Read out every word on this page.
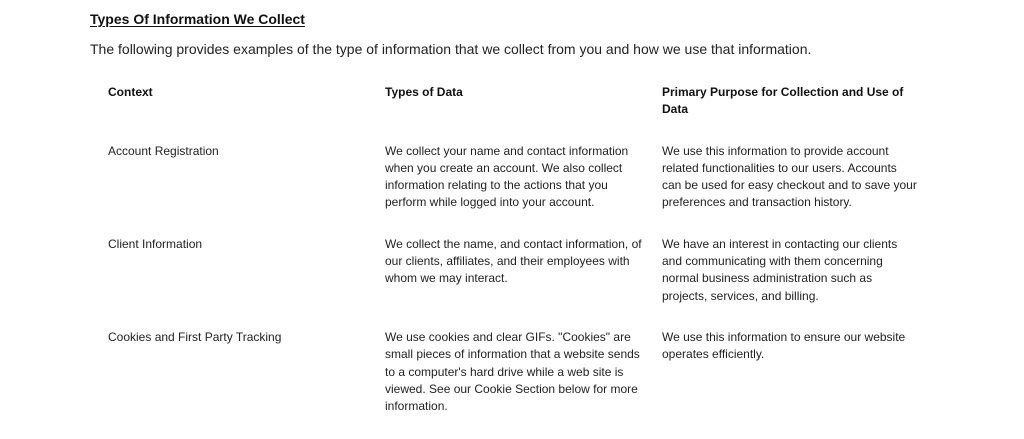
Types Of Information We Collect

The following provides examples of the type of information that we collect from you and how we use that information.

Context	Types of Data	Primary Purpose for Collection and Use of Data

Account Registration	We collect your name and contact information when you create an account. We also collect information relating to the actions that you perform while logged into your account.	We use this information to provide account related functionalities to our users. Accounts can be used for easy checkout and to save your preferences and transaction history.

Client Information	We collect the name, and contact information, of our clients, affiliates, and their employees with whom we may interact.	We have an interest in contacting our clients and communicating with them concerning normal business administration such as projects, services, and billing.

Cookies and First Party Tracking	We use cookies and clear GIFs. "Cookies" are small pieces of information that a website sends to a computer's hard drive while a web site is viewed. See our Cookie Section below for more information.	We use this information to ensure our website operates efficiently.
